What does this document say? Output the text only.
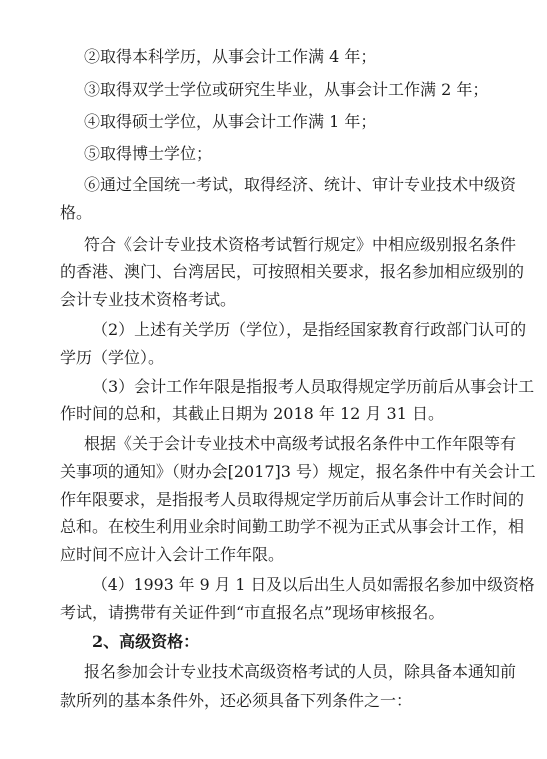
②取得本科学历，从事会计工作满 4 年；
③取得双学士学位或研究生毕业，从事会计工作满 2 年；
④取得硕士学位，从事会计工作满 1 年；
⑤取得博士学位；
⑥通过全国统一考试，取得经济、统计、审计专业技术中级资
格。
符合《会计专业技术资格考试暂行规定》中相应级别报名条件
的香港、澳门、台湾居民，可按照相关要求，报名参加相应级别的
会计专业技术资格考试。
（2）上述有关学历（学位），是指经国家教育行政部门认可的
学历（学位）。
（3）会计工作年限是指报考人员取得规定学历前后从事会计工
作时间的总和，其截止日期为 2018 年 12 月 31 日。
根据《关于会计专业技术中高级考试报名条件中工作年限等有
关事项的通知》（财办会[2017]3 号）规定，报名条件中有关会计工
作年限要求，是指报考人员取得规定学历前后从事会计工作时间的
总和。在校生利用业余时间勤工助学不视为正式从事会计工作，相
应时间不应计入会计工作年限。
（4）1993 年 9 月 1 日及以后出生人员如需报名参加中级资格
考试，请携带有关证件到“市直报名点”现场审核报名。
2、高级资格：
报名参加会计专业技术高级资格考试的人员，除具备本通知前
款所列的基本条件外，还必须具备下列条件之一：
